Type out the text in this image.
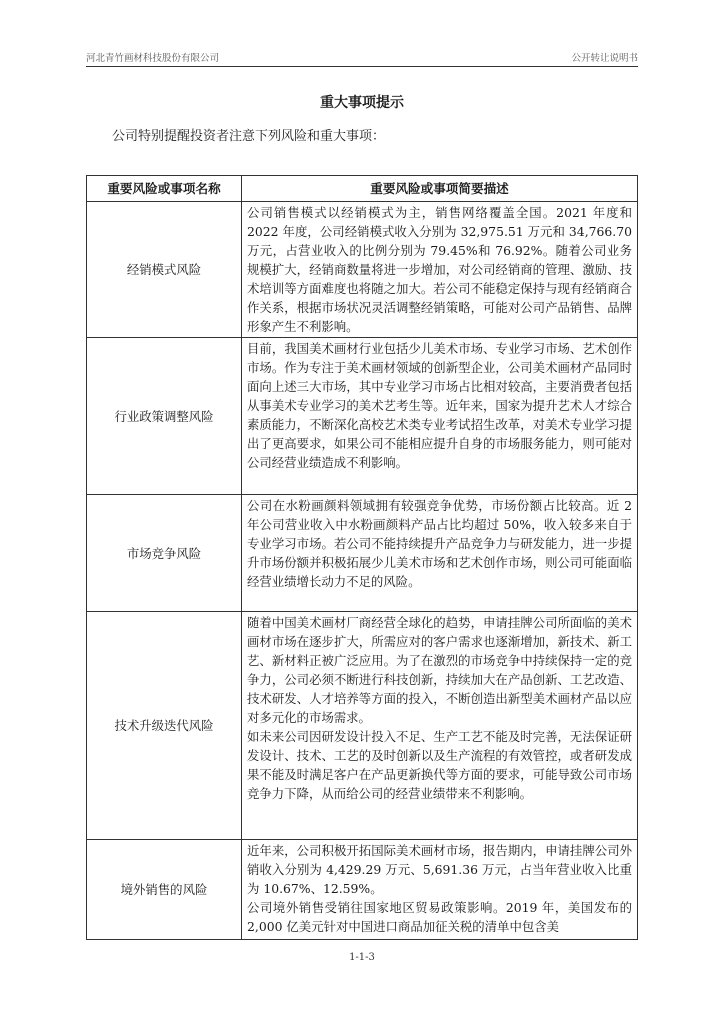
河北青竹画材科技股份有限公司	公开转让说明书
重大事项提示
公司特别提醒投资者注意下列风险和重大事项：
重要风险或事项名称	重要风险或事项简要描述
经销模式风险	公司销售模式以经销模式为主，销售网络覆盖全国。2021 年度和 2022 年度，公司经销模式收入分别为 32,975.51 万元和 34,766.70 万元，占营业收入的比例分别为 79.45%和 76.92%。随着公司业务规模扩大，经销商数量将进一步增加，对公司经销商的管理、激励、技术培训等方面难度也将随之加大。若公司不能稳定保持与现有经销商合作关系，根据市场状况灵活调整经销策略，可能对公司产品销售、品牌形象产生不利影响。

行业政策调整风险	目前，我国美术画材行业包括少儿美术市场、专业学习市场、艺术创作市场。作为专注于美术画材领域的创新型企业，公司美术画材产品同时面向上述三大市场，其中专业学习市场占比相对较高，主要消费者包括从事美术专业学习的美术艺考生等。近年来，国家为提升艺术人才综合素质能力，不断深化高校艺术类专业考试招生改革，对美术专业学习提出了更高要求，如果公司不能相应提升自身的市场服务能力，则可能对公司经营业绩造成不利影响。

市场竞争风险	公司在水粉画颜料领域拥有较强竞争优势，市场份额占比较高。近 2 年公司营业收入中水粉画颜料产品占比均超过 50%，收入较多来自于专业学习市场。若公司不能持续提升产品竞争力与研发能力，进一步提升市场份额并积极拓展少儿美术市场和艺术创作市场，则公司可能面临经营业绩增长动力不足的风险。

技术升级迭代风险	随着中国美术画材厂商经营全球化的趋势，申请挂牌公司所面临的美术画材市场在逐步扩大，所需应对的客户需求也逐渐增加，新技术、新工艺、新材料正被广泛应用。为了在激烈的市场竞争中持续保持一定的竞争力，公司必须不断进行科技创新，持续加大在产品创新、工艺改造、技术研发、人才培养等方面的投入，不断创造出新型美术画材产品以应对多元化的市场需求。

如未来公司因研发设计投入不足、生产工艺不能及时完善，无法保证研发设计、技术、工艺的及时创新以及生产流程的有效管控，或者研发成果不能及时满足客户在产品更新换代等方面的要求，可能导致公司市场竞争力下降，从而给公司的经营业绩带来不利影响。

境外销售的风险	近年来，公司积极开拓国际美术画材市场，报告期内，申请挂牌公司外销收入分别为 4,429.29 万元、5,691.36 万元，占当年营业收入比重为 10.67%、12.59%。

公司境外销售受销往国家地区贸易政策影响。2019 年，美国发布的 2,000 亿美元针对中国进口商品加征关税的清单中包含美

1-1-3
